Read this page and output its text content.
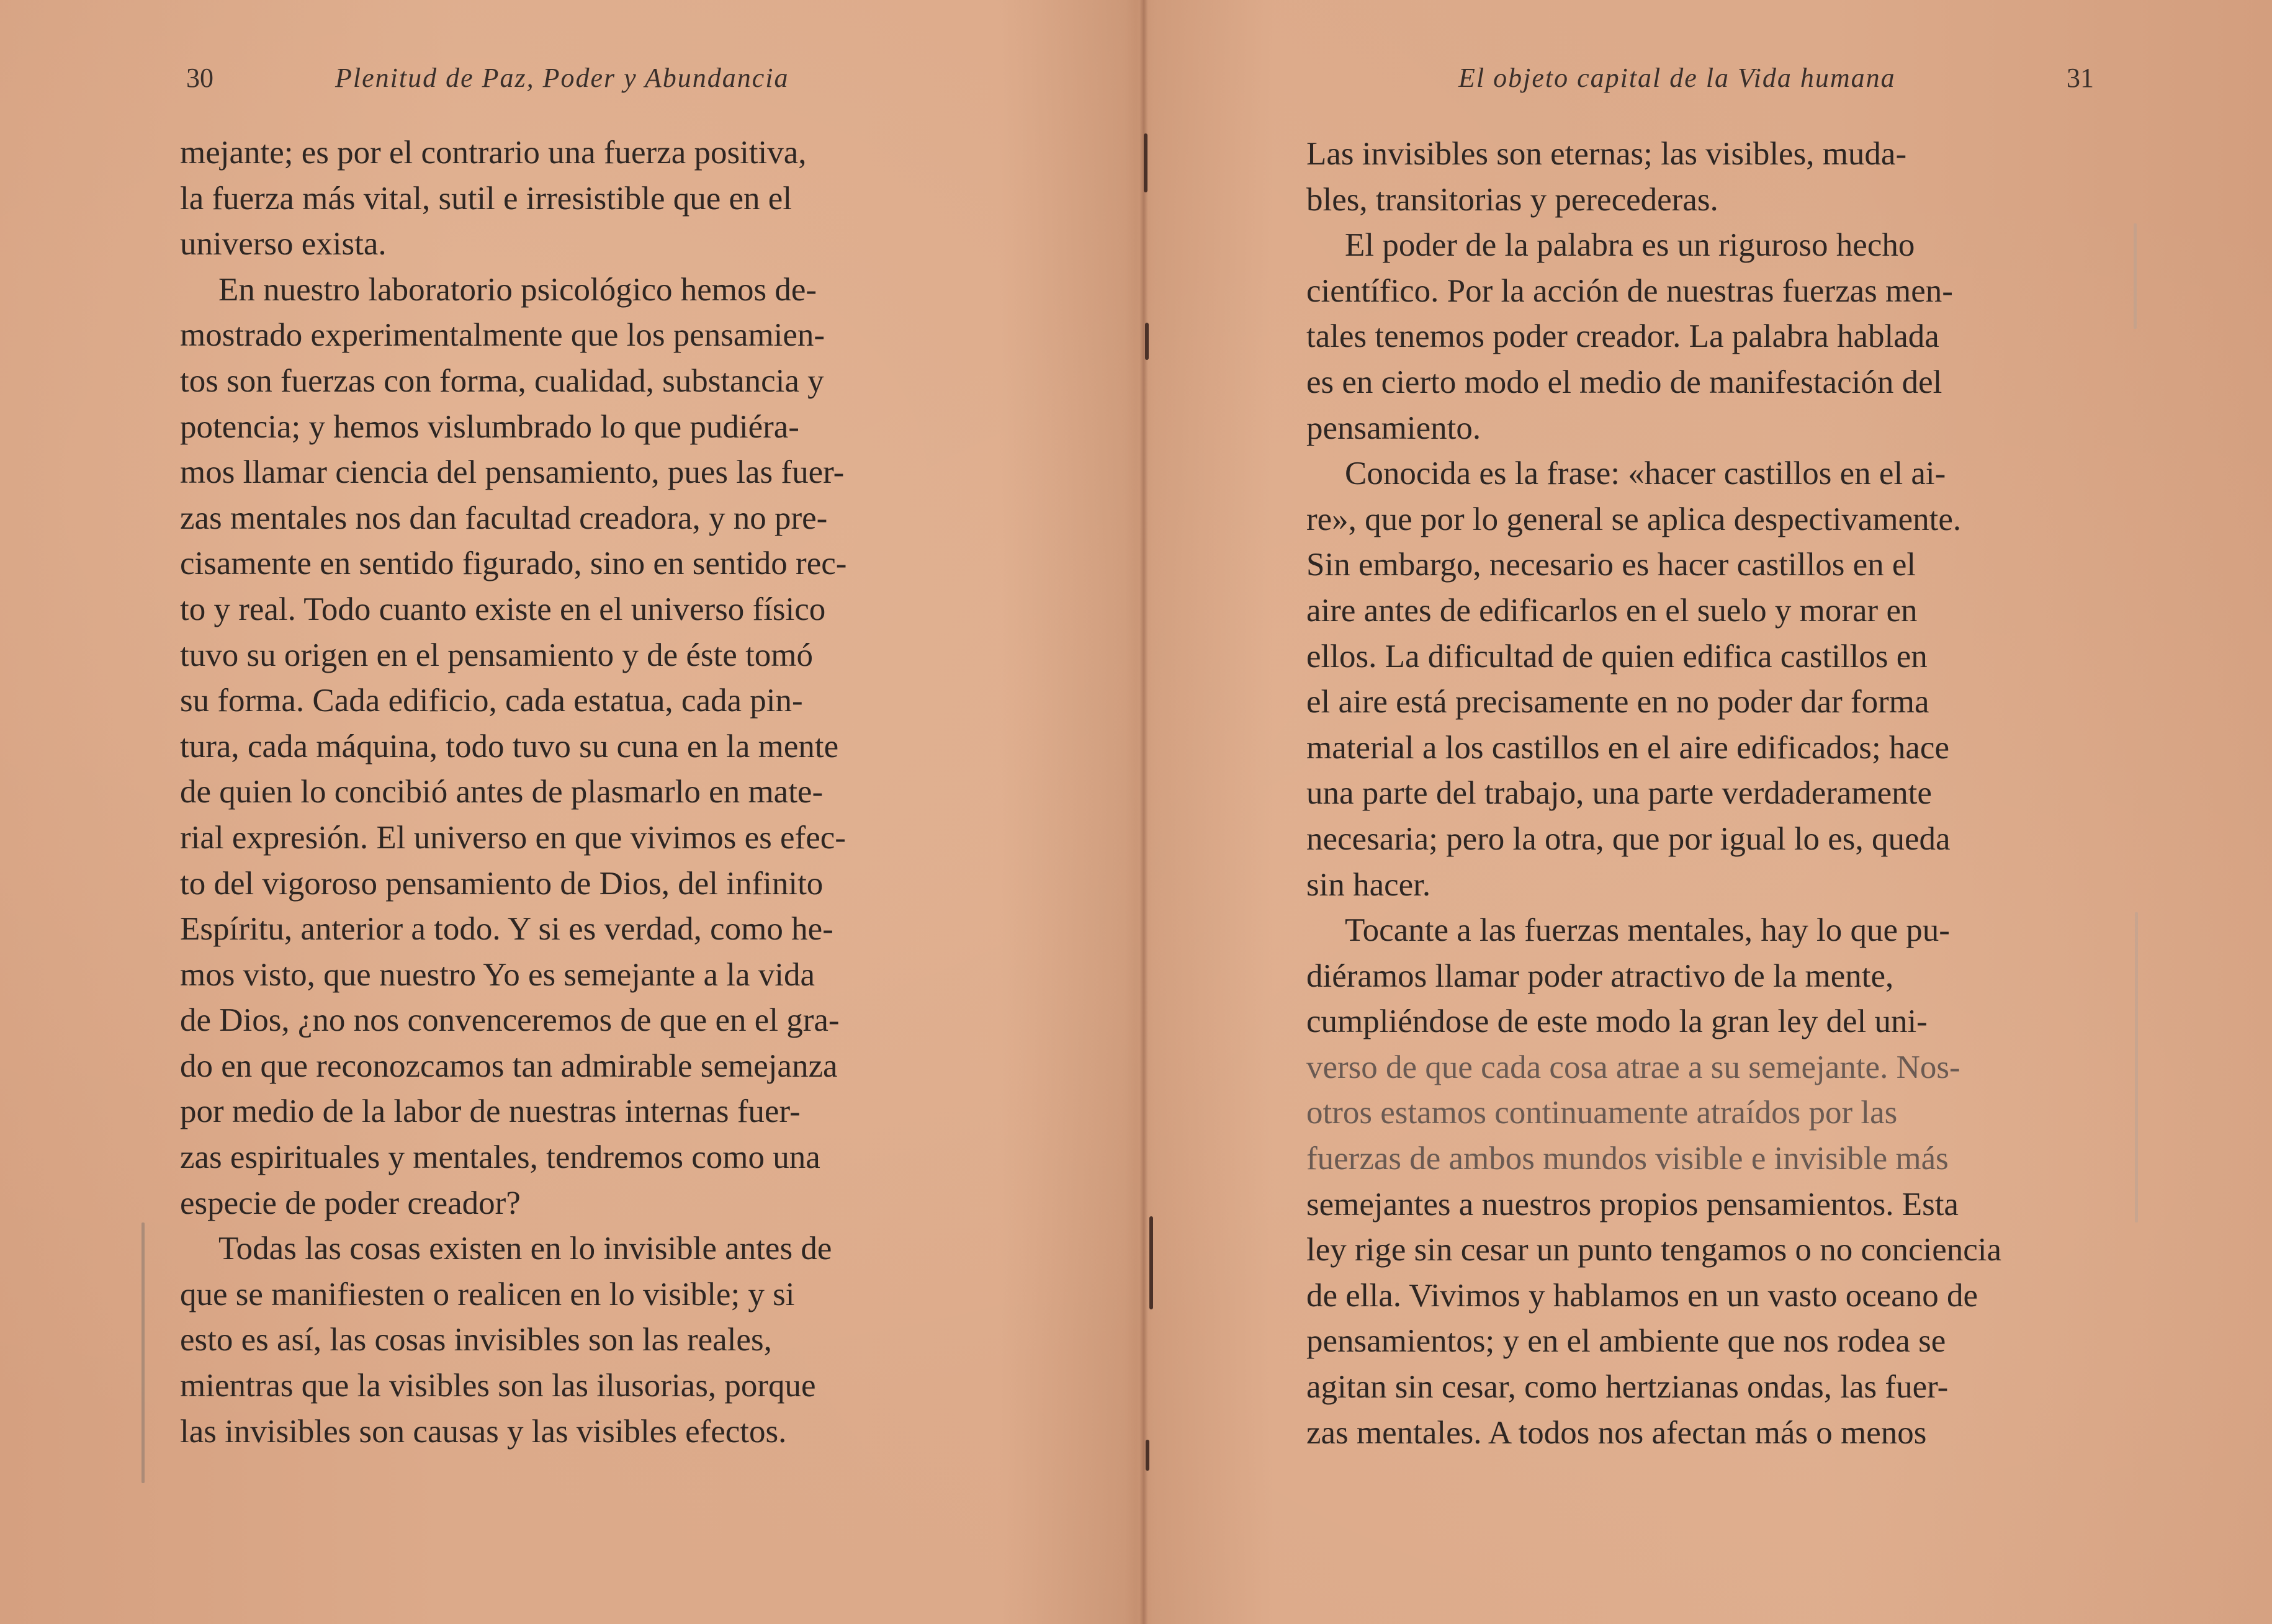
30	Plenitud de Paz, Poder y Abundancia

mejante; es por el contrario una fuerza positiva,

la fuerza más vital, sutil e irresistible que en el

universo exista.

En nuestro laboratorio psicológico hemos de-

mostrado experimentalmente que los pensamien-

tos son fuerzas con forma, cualidad, substancia y

potencia; y hemos vislumbrado lo que pudiéra-

mos llamar ciencia del pensamiento, pues las fuer-

zas mentales nos dan facultad creadora, y no pre-

cisamente en sentido figurado, sino en sentido rec-

to y real. Todo cuanto existe en el universo físico

tuvo su origen en el pensamiento y de éste tomó

su forma. Cada edificio, cada estatua, cada pin-

tura, cada máquina, todo tuvo su cuna en la mente

de quien lo concibió antes de plasmarlo en mate-

rial expresión. El universo en que vivimos es efec-

to del vigoroso pensamiento de Dios, del infinito

Espíritu, anterior a todo. Y si es verdad, como he-

mos visto, que nuestro Yo es semejante a la vida

de Dios, ¿no nos convenceremos de que en el gra-

do en que reconozcamos tan admirable semejanza

por medio de la labor de nuestras internas fuer-

zas espirituales y mentales, tendremos como una

especie de poder creador?

Todas las cosas existen en lo invisible antes de

que se manifiesten o realicen en lo visible; y si

esto es así, las cosas invisibles son las reales,

mientras que la visibles son las ilusorias, porque

las invisibles son causas y las visibles efectos.

El objeto capital de la Vida humana	31

Las invisibles son eternas; las visibles, muda-

bles, transitorias y perecederas.

El poder de la palabra es un riguroso hecho

científico. Por la acción de nuestras fuerzas men-

tales tenemos poder creador. La palabra hablada

es en cierto modo el medio de manifestación del

pensamiento.

Conocida es la frase: «hacer castillos en el ai-

re», que por lo general se aplica despectivamente.

Sin embargo, necesario es hacer castillos en el

aire antes de edificarlos en el suelo y morar en

ellos. La dificultad de quien edifica castillos en

el aire está precisamente en no poder dar forma

material a los castillos en el aire edificados; hace

una parte del trabajo, una parte verdaderamente

necesaria; pero la otra, que por igual lo es, queda

sin hacer.

Tocante a las fuerzas mentales, hay lo que pu-

diéramos llamar poder atractivo de la mente,

cumpliéndose de este modo la gran ley del uni-

verso de que cada cosa atrae a su semejante. Nos-

otros estamos continuamente atraídos por las

fuerzas de ambos mundos visible e invisible más

semejantes a nuestros propios pensamientos. Esta

ley rige sin cesar un punto tengamos o no conciencia

de ella. Vivimos y hablamos en un vasto oceano de

pensamientos; y en el ambiente que nos rodea se

agitan sin cesar, como hertzianas ondas, las fuer-

zas mentales. A todos nos afectan más o menos
